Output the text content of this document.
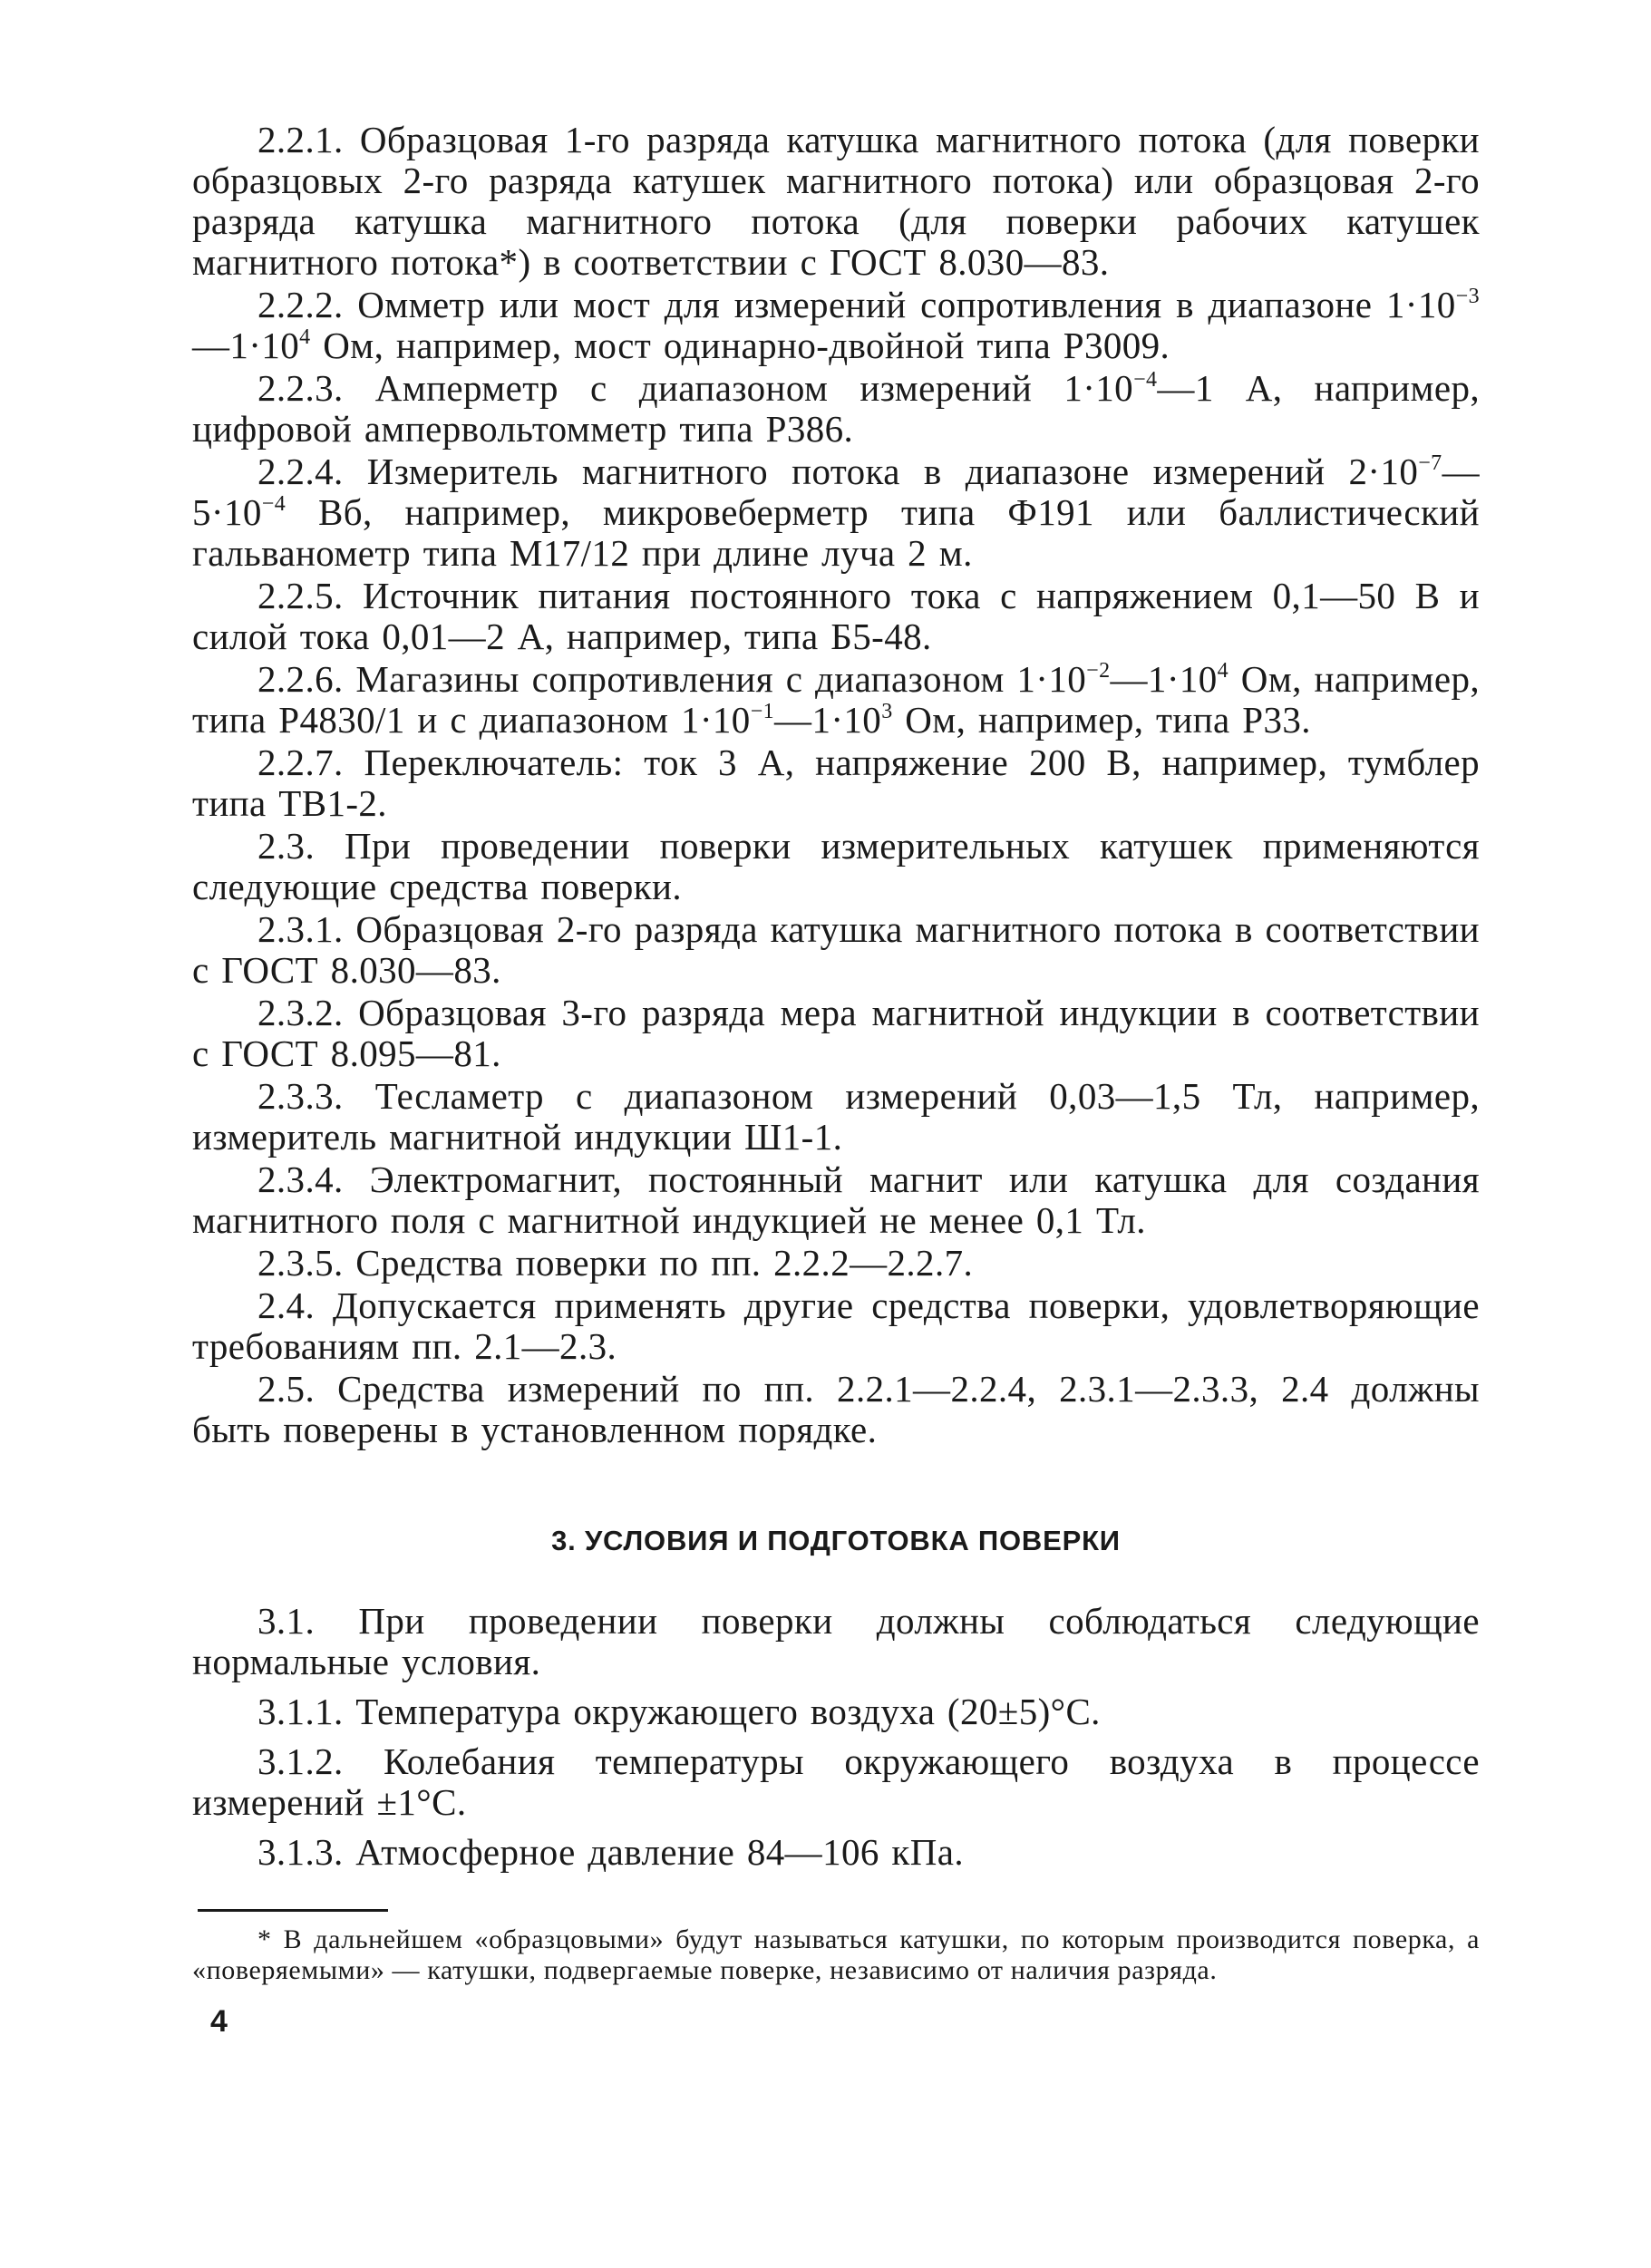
2.2.1. Образцовая 1-го разряда катушка магнитного потока (для поверки образцовых 2-го разряда катушек магнитного потока) или образцовая 2-го разряда катушка магнитного потока (для поверки рабочих катушек магнитного потока*) в соответствии с ГОСТ 8.030—83.

2.2.2. Омметр или мост для измерений сопротивления в диапазоне $1\cdot 10^{-3}—1\cdot 10^4$ Ом, например, мост одинарно-двойной типа Р3009.

2.2.3. Амперметр с диапазоном измерений $1\cdot 10^{-4}—1$ А, например, цифровой ампервольтомметр типа Р386.

2.2.4. Измеритель магнитного потока в диапазоне измерений $2\cdot 10^{-7}—5\cdot 10^{-4}$ Вб, например, микровеберметр типа Ф191 или баллистический гальванометр типа М17/12 при длине луча 2 м.

2.2.5. Источник питания постоянного тока с напряжением 0,1—50 В и силой тока 0,01—2 А, например, типа Б5-48.

2.2.6. Магазины сопротивления с диапазоном $1\cdot 10^{-2}—1\cdot 10^4$ Ом, например, типа Р4830/1 и с диапазоном $1\cdot 10^{-1}—1\cdot 10^3$ Ом, например, типа Р33.

2.2.7. Переключатель: ток 3 А, напряжение 200 В, например, тумблер типа ТВ1-2.

2.3. При проведении поверки измерительных катушек применяются следующие средства поверки.

2.3.1. Образцовая 2-го разряда катушка магнитного потока в соответствии с ГОСТ 8.030—83.

2.3.2. Образцовая 3-го разряда мера магнитной индукции в соответствии с ГОСТ 8.095—81.

2.3.3. Тесламетр с диапазоном измерений 0,03—1,5 Тл, например, измеритель магнитной индукции Ш1-1.

2.3.4. Электромагнит, постоянный магнит или катушка для создания магнитного поля с магнитной индукцией не менее 0,1 Тл.

2.3.5. Средства поверки по пп. 2.2.2—2.2.7.

2.4. Допускается применять другие средства поверки, удовлетворяющие требованиям пп. 2.1—2.3.

2.5. Средства измерений по пп. 2.2.1—2.2.4, 2.3.1—2.3.3, 2.4 должны быть поверены в установленном порядке.

3. УСЛОВИЯ И ПОДГОТОВКА ПОВЕРКИ

3.1. При проведении поверки должны соблюдаться следующие нормальные условия.

3.1.1. Температура окружающего воздуха (20±5)°С.

3.1.2. Колебания температуры окружающего воздуха в процессе измерений ±1°С.

3.1.3. Атмосферное давление 84—106 кПа.

* В дальнейшем «образцовыми» будут называться катушки, по которым производится поверка, а «поверяемыми» — катушки, подвергаемые поверке, независимо от наличия разряда.

4
